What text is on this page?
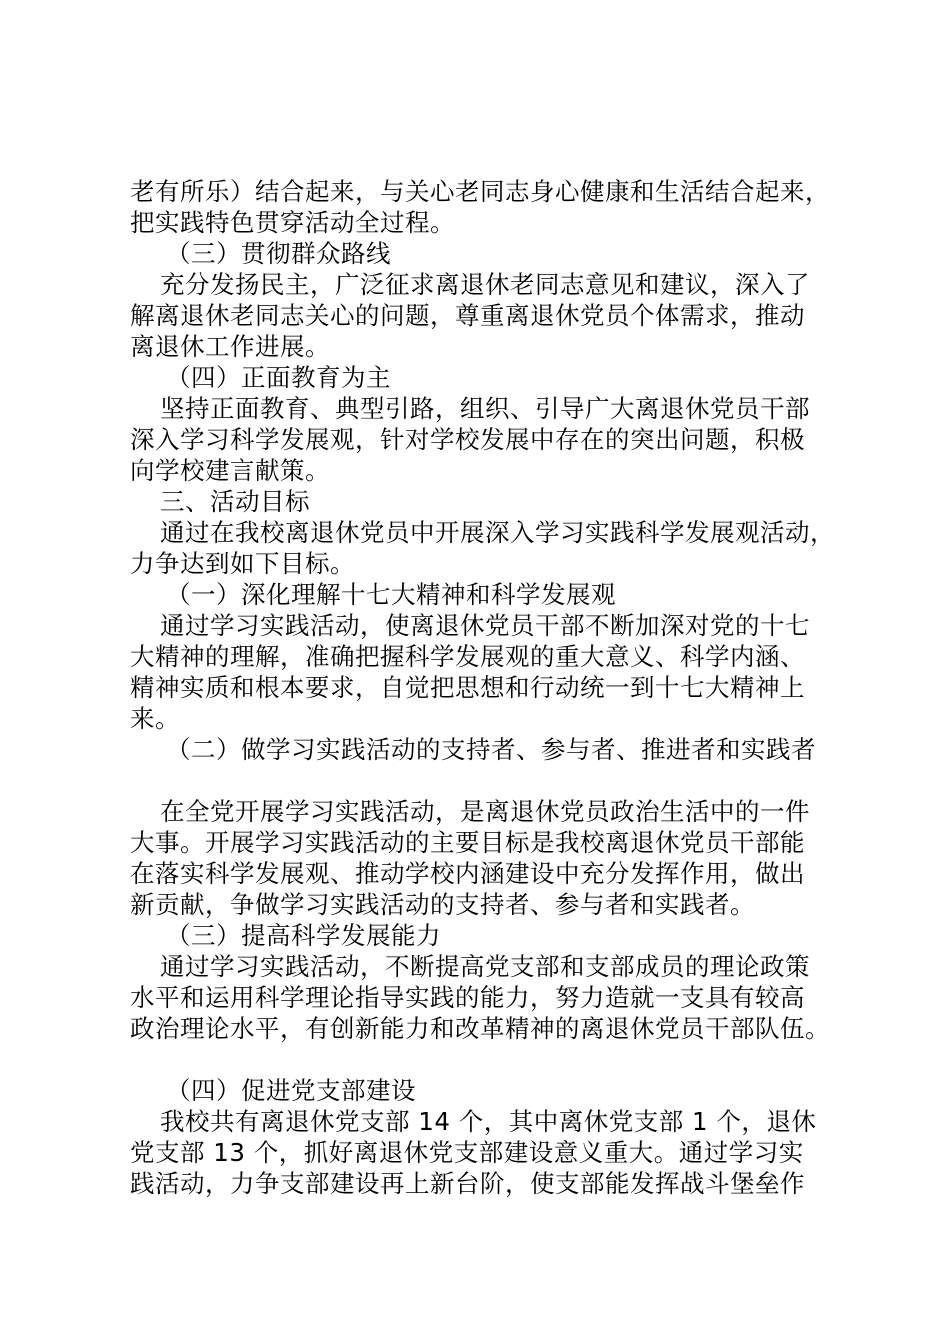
老有所乐）结合起来，与关心老同志身心健康和生活结合起来，
把实践特色贯穿活动全过程。
（三）贯彻群众路线
充分发扬民主，广泛征求离退休老同志意见和建议，深入了
解离退休老同志关心的问题，尊重离退休党员个体需求，推动
离退休工作进展。
（四）正面教育为主
坚持正面教育、典型引路，组织、引导广大离退休党员干部
深入学习科学发展观，针对学校发展中存在的突出问题，积极
向学校建言献策。
三、活动目标
通过在我校离退休党员中开展深入学习实践科学发展观活动，
力争达到如下目标。
（一）深化理解十七大精神和科学发展观
通过学习实践活动，使离退休党员干部不断加深对党的十七
大精神的理解，准确把握科学发展观的重大意义、科学内涵、
精神实质和根本要求，自觉把思想和行动统一到十七大精神上
来。
（二）做学习实践活动的支持者、参与者、推进者和实践者
在全党开展学习实践活动，是离退休党员政治生活中的一件
大事。开展学习实践活动的主要目标是我校离退休党员干部能
在落实科学发展观、推动学校内涵建设中充分发挥作用，做出
新贡献，争做学习实践活动的支持者、参与者和实践者。
（三）提高科学发展能力
通过学习实践活动，不断提高党支部和支部成员的理论政策
水平和运用科学理论指导实践的能力，努力造就一支具有较高
政治理论水平，有创新能力和改革精神的离退休党员干部队伍。
（四）促进党支部建设
我校共有离退休党支部 14 个，其中离休党支部 1 个，退休
党支部 13 个，抓好离退休党支部建设意义重大。通过学习实
践活动，力争支部建设再上新台阶，使支部能发挥战斗堡垒作
